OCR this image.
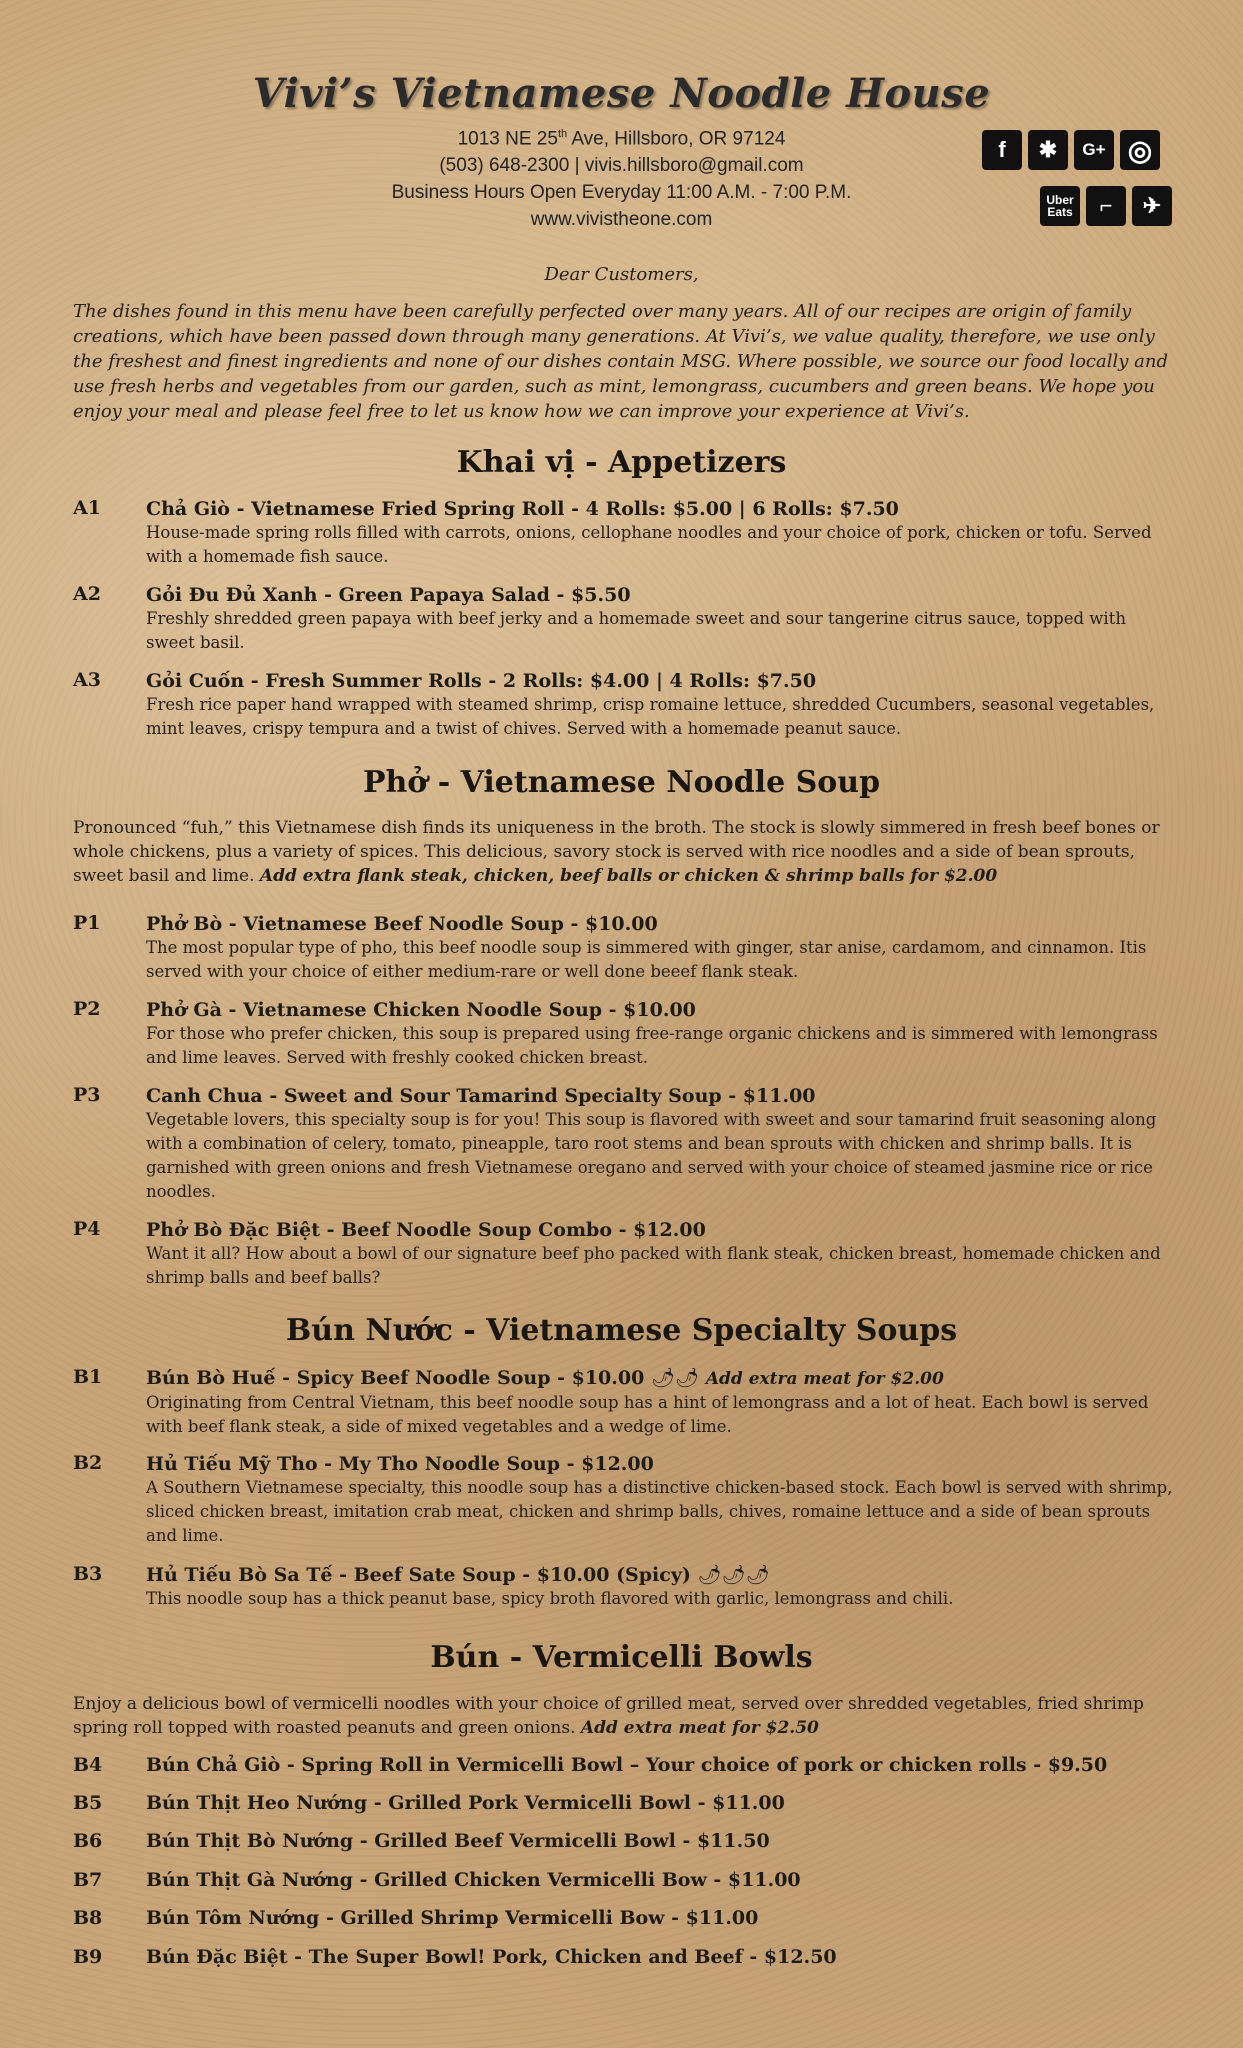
Vivi’s Vietnamese Noodle House
1013 NE 25th Ave, Hillsboro, OR 97124
(503) 648-2300 | vivis.hillsboro@gmail.com
Business Hours Open Everyday 11:00 A.M. - 7:00 P.M.
www.vivistheone.com
f	✱	G+ ◎
Uber Eats	⌐	✈
Dear Customers,
The dishes found in this menu have been carefully perfected over many years. All of our recipes are origin of family creations, which have been passed down through many generations. At Vivi’s, we value quality, therefore, we use only the freshest and finest ingredients and none of our dishes contain MSG. Where possible, we source our food locally and use fresh herbs and vegetables from our garden, such as mint, lemongrass, cucumbers and green beans. We hope you enjoy your meal and please feel free to let us know how we can improve your experience at Vivi’s.
Khai vị - Appetizers
A1 Chả Giò - Vietnamese Fried Spring Roll - 4 Rolls: $5.00 | 6 Rolls: $7.50
House-made spring rolls filled with carrots, onions, cellophane noodles and your choice of pork, chicken or tofu. Served with a homemade fish sauce.
A2 Gỏi Đu Đủ Xanh - Green Papaya Salad - $5.50
Freshly shredded green papaya with beef jerky and a homemade sweet and sour tangerine citrus sauce, topped with sweet basil.
A3 Gỏi Cuốn - Fresh Summer Rolls - 2 Rolls: $4.00 | 4 Rolls: $7.50
Fresh rice paper hand wrapped with steamed shrimp, crisp romaine lettuce, shredded Cucumbers, seasonal vegetables, mint leaves, crispy tempura and a twist of chives. Served with a homemade peanut sauce.
Phở - Vietnamese Noodle Soup
Pronounced “fuh,” this Vietnamese dish finds its uniqueness in the broth. The stock is slowly simmered in fresh beef bones or whole chickens, plus a variety of spices. This delicious, savory stock is served with rice noodles and a side of bean sprouts, sweet basil and lime. Add extra flank steak, chicken, beef balls or chicken & shrimp balls for $2.00
P1 Phở Bò - Vietnamese Beef Noodle Soup - $10.00
The most popular type of pho, this beef noodle soup is simmered with ginger, star anise, cardamom, and cinnamon. Itis served with your choice of either medium-rare or well done beeef flank steak.
P2 Phở Gà - Vietnamese Chicken Noodle Soup - $10.00
For those who prefer chicken, this soup is prepared using free-range organic chickens and is simmered with lemongrass and lime leaves. Served with freshly cooked chicken breast.
P3 Canh Chua - Sweet and Sour Tamarind Specialty Soup - $11.00
Vegetable lovers, this specialty soup is for you! This soup is flavored with sweet and sour tamarind fruit seasoning along with a combination of celery, tomato, pineapple, taro root stems and bean sprouts with chicken and shrimp balls. It is garnished with green onions and fresh Vietnamese oregano and served with your choice of steamed jasmine rice or rice noodles.
P4 Phở Bò Đặc Biệt - Beef Noodle Soup Combo - $12.00
Want it all? How about a bowl of our signature beef pho packed with flank steak, chicken breast, homemade chicken and shrimp balls and beef balls?
Bún Nước - Vietnamese Specialty Soups
B1 Bún Bò Huế - Spicy Beef Noodle Soup - $10.00 🌶🌶 Add extra meat for $2.00
Originating from Central Vietnam, this beef noodle soup has a hint of lemongrass and a lot of heat. Each bowl is served with beef flank steak, a side of mixed vegetables and a wedge of lime.
B2 Hủ Tiếu Mỹ Tho - My Tho Noodle Soup - $12.00
A Southern Vietnamese specialty, this noodle soup has a distinctive chicken-based stock. Each bowl is served with shrimp, sliced chicken breast, imitation crab meat, chicken and shrimp balls, chives, romaine lettuce and a side of bean sprouts and lime.
B3 Hủ Tiếu Bò Sa Tế - Beef Sate Soup - $10.00 (Spicy) 🌶🌶🌶
This noodle soup has a thick peanut base, spicy broth flavored with garlic, lemongrass and chili.
Bún - Vermicelli Bowls
Enjoy a delicious bowl of vermicelli noodles with your choice of grilled meat, served over shredded vegetables, fried shrimp spring roll topped with roasted peanuts and green onions. Add extra meat for $2.50
B4 Bún Chả Giò - Spring Roll in Vermicelli Bowl – Your choice of pork or chicken rolls - $9.50
B5 Bún Thịt Heo Nướng - Grilled Pork Vermicelli Bowl - $11.00
B6 Bún Thịt Bò Nướng - Grilled Beef Vermicelli Bowl - $11.50
B7 Bún Thịt Gà Nướng - Grilled Chicken Vermicelli Bow - $11.00
B8 Bún Tôm Nướng - Grilled Shrimp Vermicelli Bow - $11.00
B9 Bún Đặc Biệt - The Super Bowl! Pork, Chicken and Beef - $12.50
